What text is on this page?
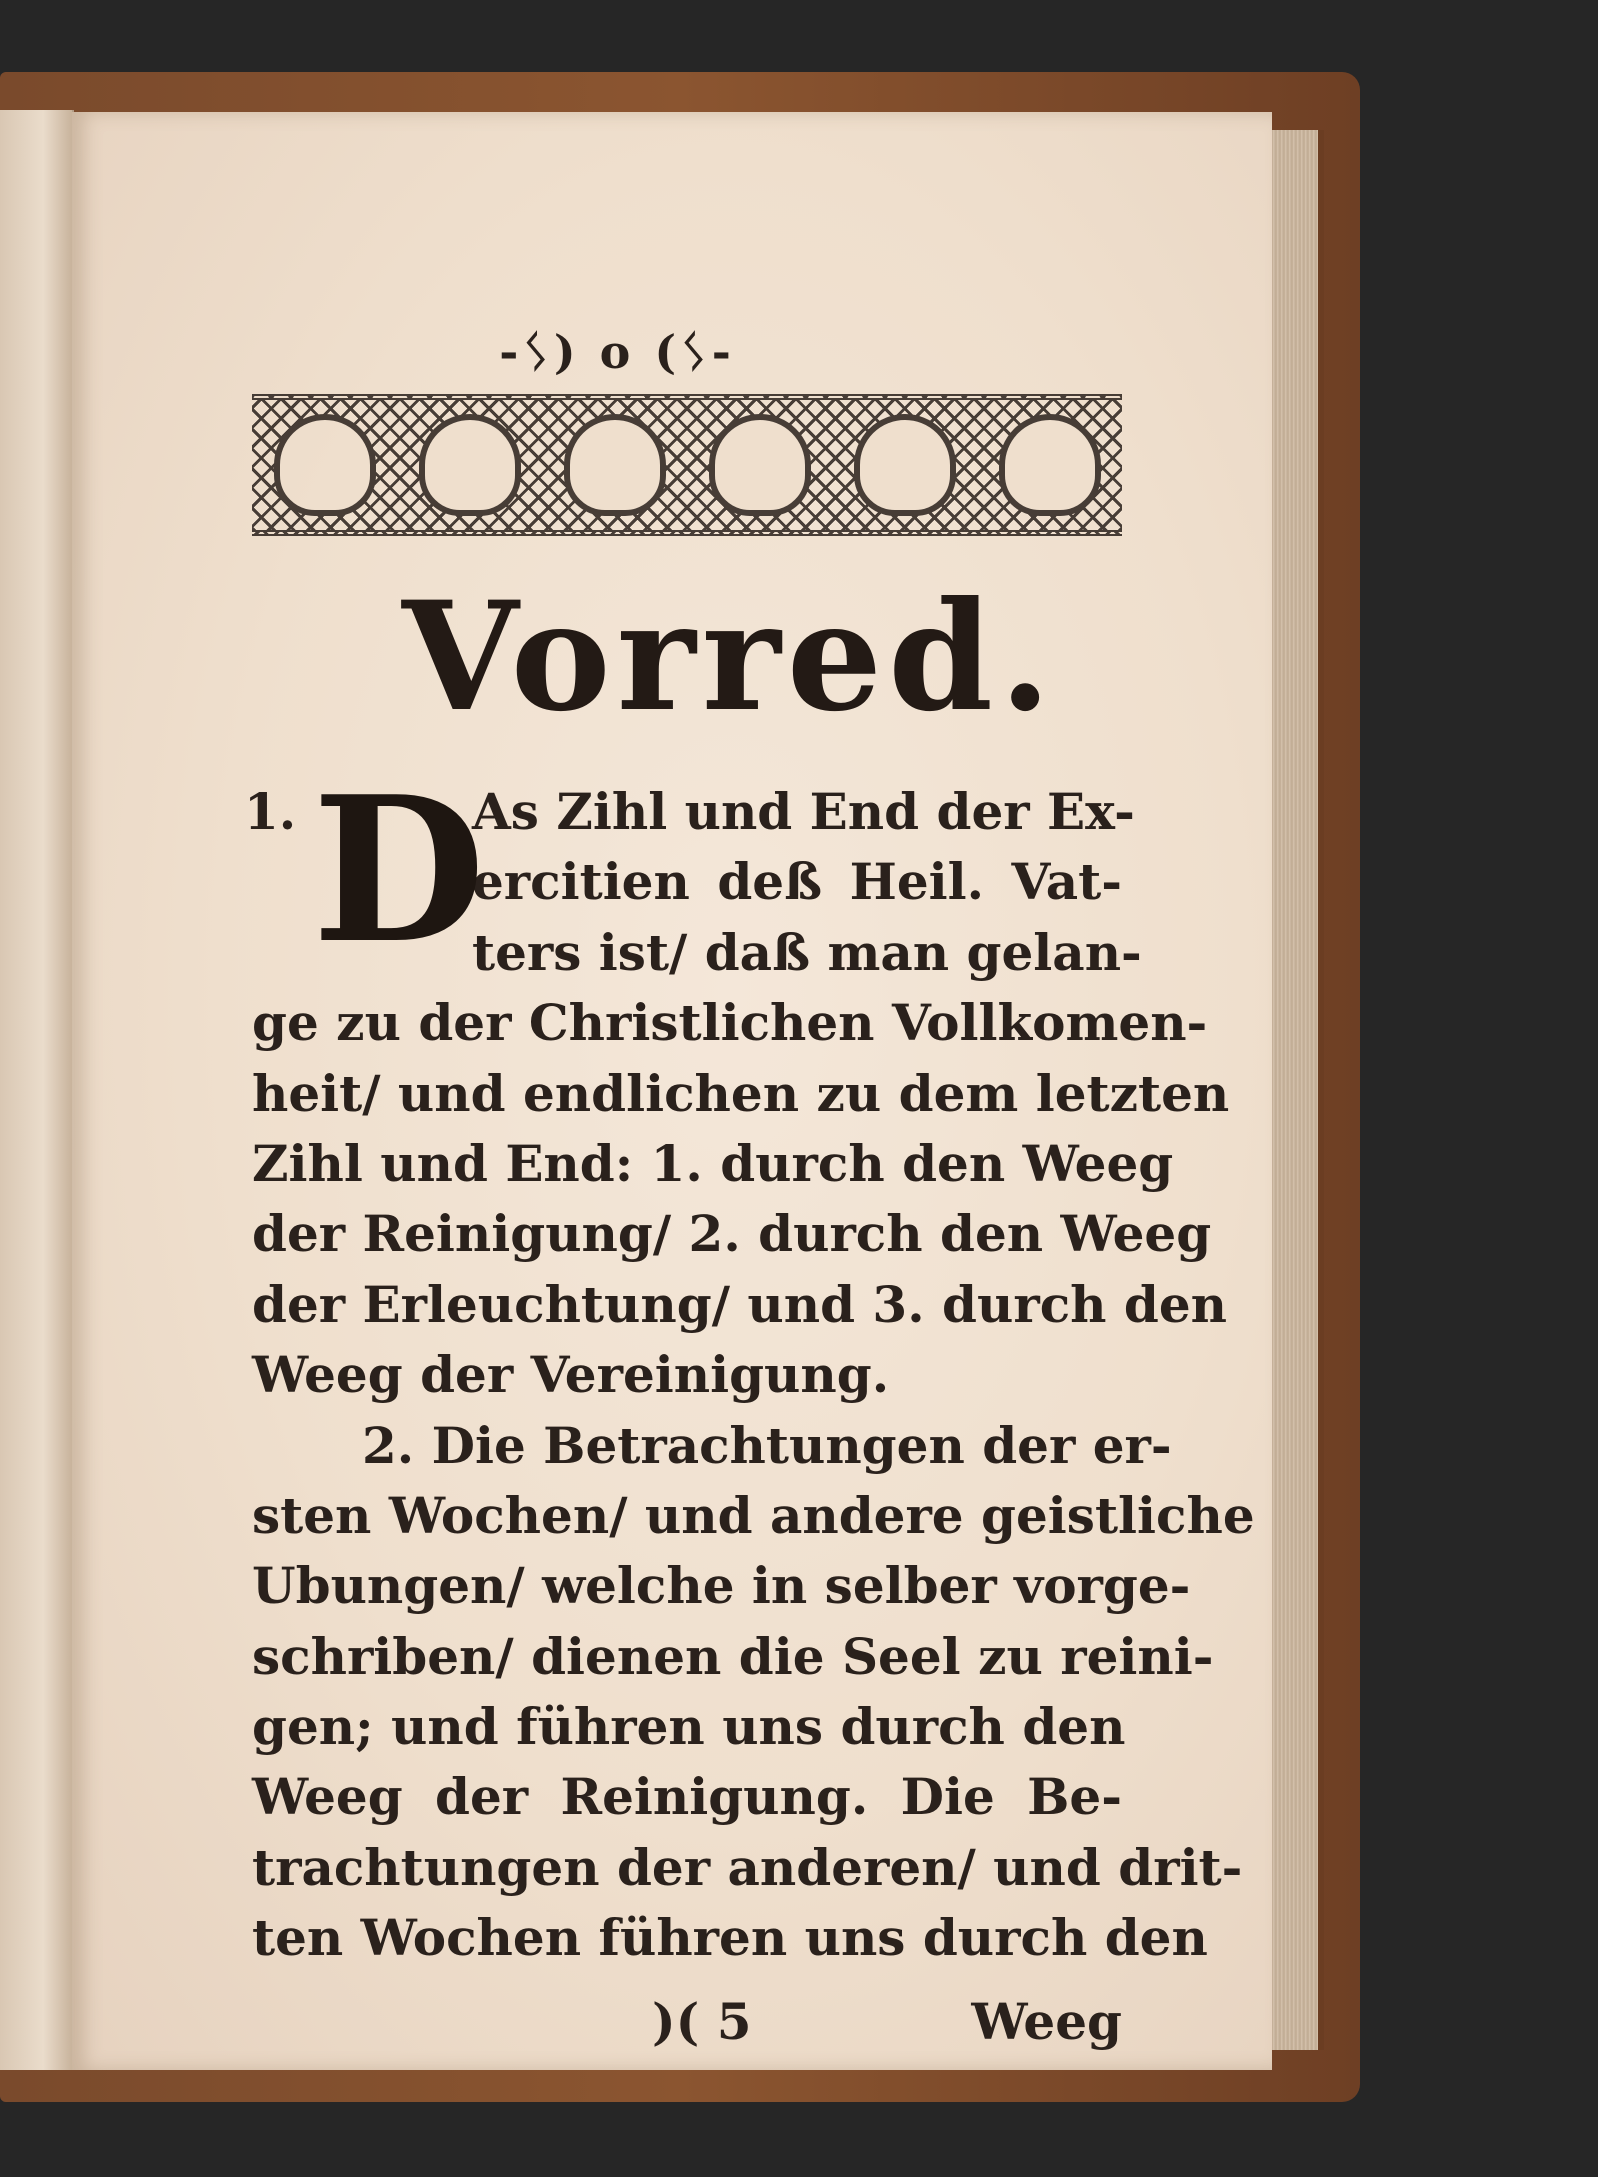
-ᛊ) o (ᛊ-
Vorred.
1. D
As Zihl und End der Ex-
ercitien deß Heil. Vat-
ters ist/ daß man gelan-
ge zu der Christlichen Vollkomen-
heit/ und endlichen zu dem letzten
Zihl und End: 1. durch den Weeg
der Reinigung/ 2. durch den Weeg
der Erleuchtung/ und 3. durch den
Weeg der Vereinigung.
2. Die Betrachtungen der er-
sten Wochen/ und andere geistliche
Ubungen/ welche in selber vorge-
schriben/ dienen die Seel zu reini-
gen; und führen uns durch den
Weeg der Reinigung. Die Be-
trachtungen der anderen/ und drit-
ten Wochen führen uns durch den
)( 5	Weeg
